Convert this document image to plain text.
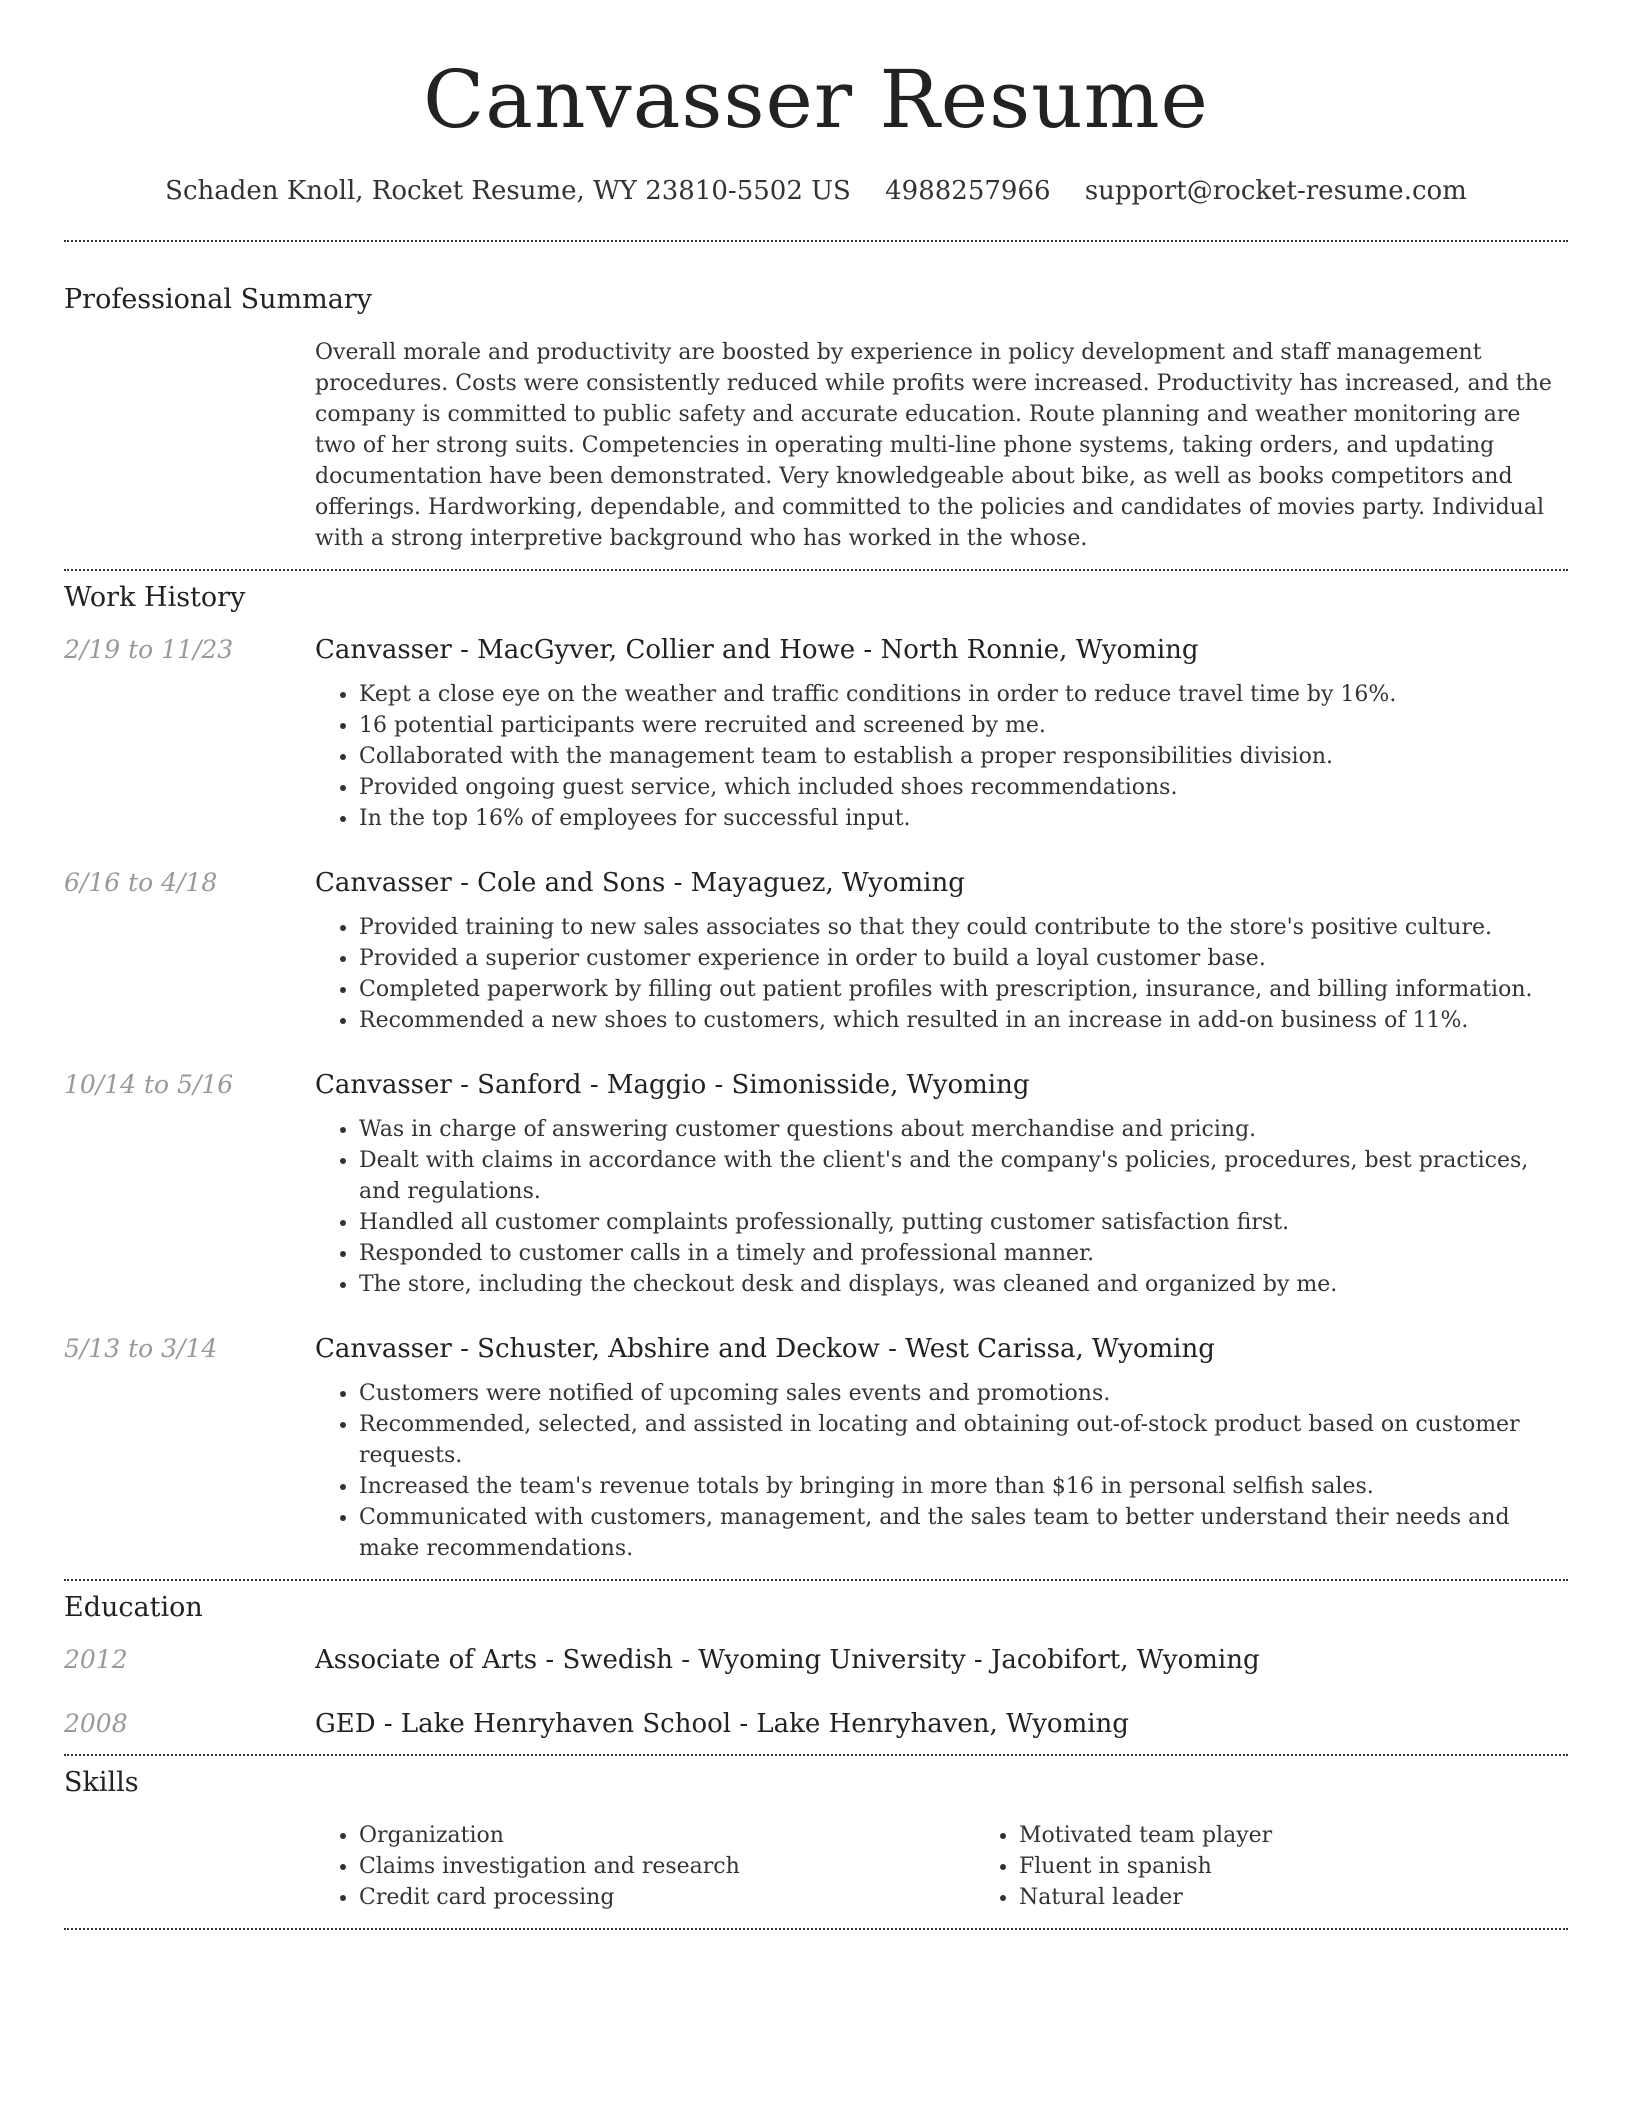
Canvasser Resume
Schaden Knoll, Rocket Resume, WY 23810-5502 US 4988257966 support@rocket-resume.com
Professional Summary
Overall morale and productivity are boosted by experience in policy development and staff management procedures. Costs were consistently reduced while profits were increased. Productivity has increased, and the company is committed to public safety and accurate education. Route planning and weather monitoring are two of her strong suits. Competencies in operating multi-line phone systems, taking orders, and updating documentation have been demonstrated. Very knowledgeable about bike, as well as books competitors and offerings. Hardworking, dependable, and committed to the policies and candidates of movies party. Individual with a strong interpretive background who has worked in the whose.
Work History
2/19 to 11/23	Canvasser - MacGyver, Collier and Howe - North Ronnie, Wyoming
• Kept a close eye on the weather and traffic conditions in order to reduce travel time by 16%.
• 16 potential participants were recruited and screened by me.
• Collaborated with the management team to establish a proper responsibilities division.
• Provided ongoing guest service, which included shoes recommendations.
• In the top 16% of employees for successful input.
6/16 to 4/18	Canvasser - Cole and Sons - Mayaguez, Wyoming
• Provided training to new sales associates so that they could contribute to the store's positive culture.
• Provided a superior customer experience in order to build a loyal customer base.
• Completed paperwork by filling out patient profiles with prescription, insurance, and billing information.
• Recommended a new shoes to customers, which resulted in an increase in add-on business of 11%.
10/14 to 5/16	Canvasser - Sanford - Maggio - Simonisside, Wyoming
• Was in charge of answering customer questions about merchandise and pricing.
• Dealt with claims in accordance with the client's and the company's policies, procedures, best practices, and regulations.
• Handled all customer complaints professionally, putting customer satisfaction first.
• Responded to customer calls in a timely and professional manner.
• The store, including the checkout desk and displays, was cleaned and organized by me.
5/13 to 3/14	Canvasser - Schuster, Abshire and Deckow - West Carissa, Wyoming
• Customers were notified of upcoming sales events and promotions.
• Recommended, selected, and assisted in locating and obtaining out-of-stock product based on customer requests.
• Increased the team's revenue totals by bringing in more than $16 in personal selfish sales.
• Communicated with customers, management, and the sales team to better understand their needs and make recommendations.
Education
2012	Associate of Arts - Swedish - Wyoming University - Jacobifort, Wyoming
2008	GED - Lake Henryhaven School - Lake Henryhaven, Wyoming
Skills
• Organization
• Claims investigation and research
• Credit card processing
• Motivated team player
• Fluent in spanish
• Natural leader
